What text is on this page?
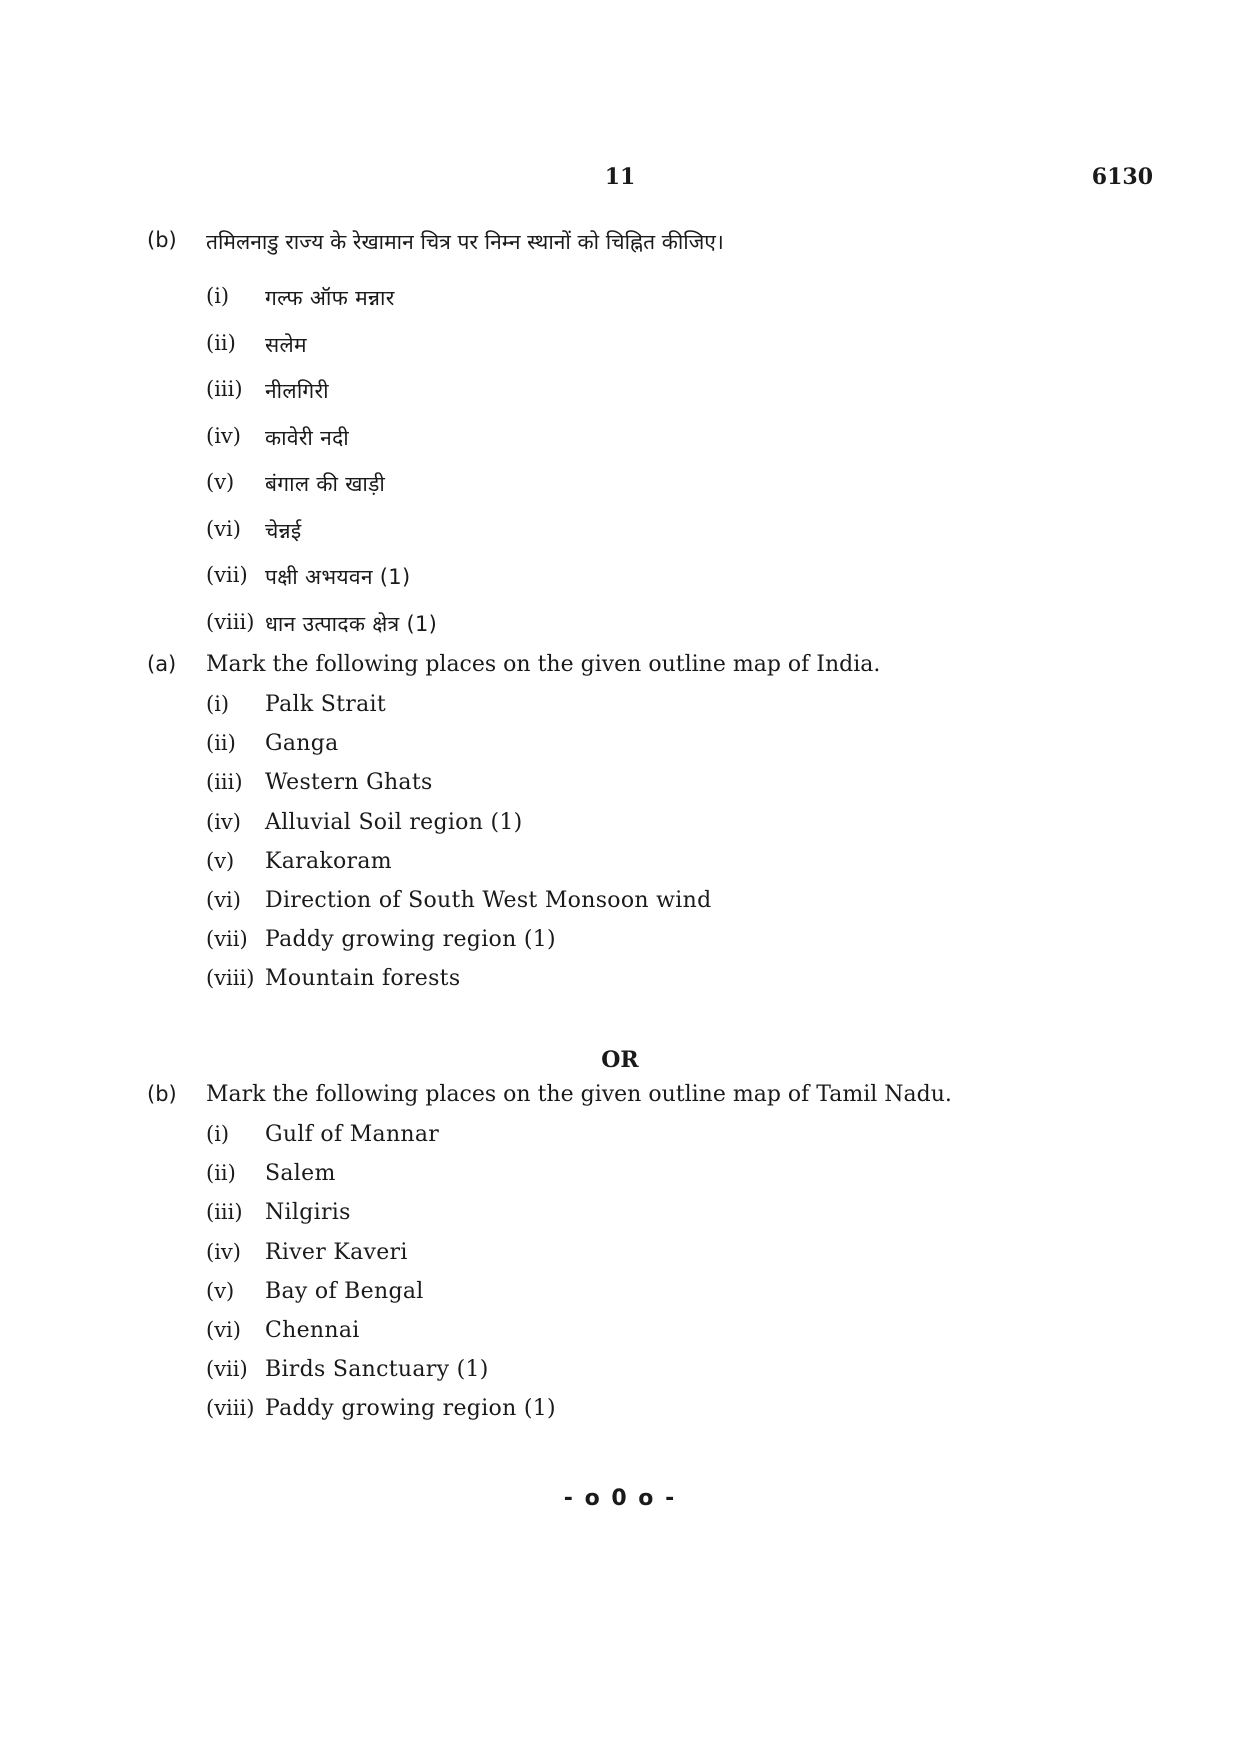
11	6130
(b)	तमिलनाडु राज्य के रेखामान चित्र पर निम्न स्थानों को चिह्नित कीजिए।
(i)	गल्फ ऑफ मन्नार
(ii)	सलेम
(iii)	नीलगिरी
(iv)	कावेरी नदी
(v)	बंगाल की खाड़ी
(vi)	चेन्नई
(vii) पक्षी अभयवन (1)
(viii) धान उत्पादक क्षेत्र (1)
(a)	Mark the following places on the given outline map of India.
(i)	Palk Strait
(ii)	Ganga
(iii)	Western Ghats
(iv)	Alluvial Soil region (1)
(v)	Karakoram
(vi)	Direction of South West Monsoon wind
(vii) Paddy growing region (1)
(viii) Mountain forests
OR
(b)	Mark the following places on the given outline map of Tamil Nadu.
(i)	Gulf of Mannar
(ii)	Salem
(iii)	Nilgiris
(iv)	River Kaveri
(v)	Bay of Bengal
(vi)	Chennai
(vii) Birds Sanctuary (1)
(viii) Paddy growing region (1)
- o 0 o -
